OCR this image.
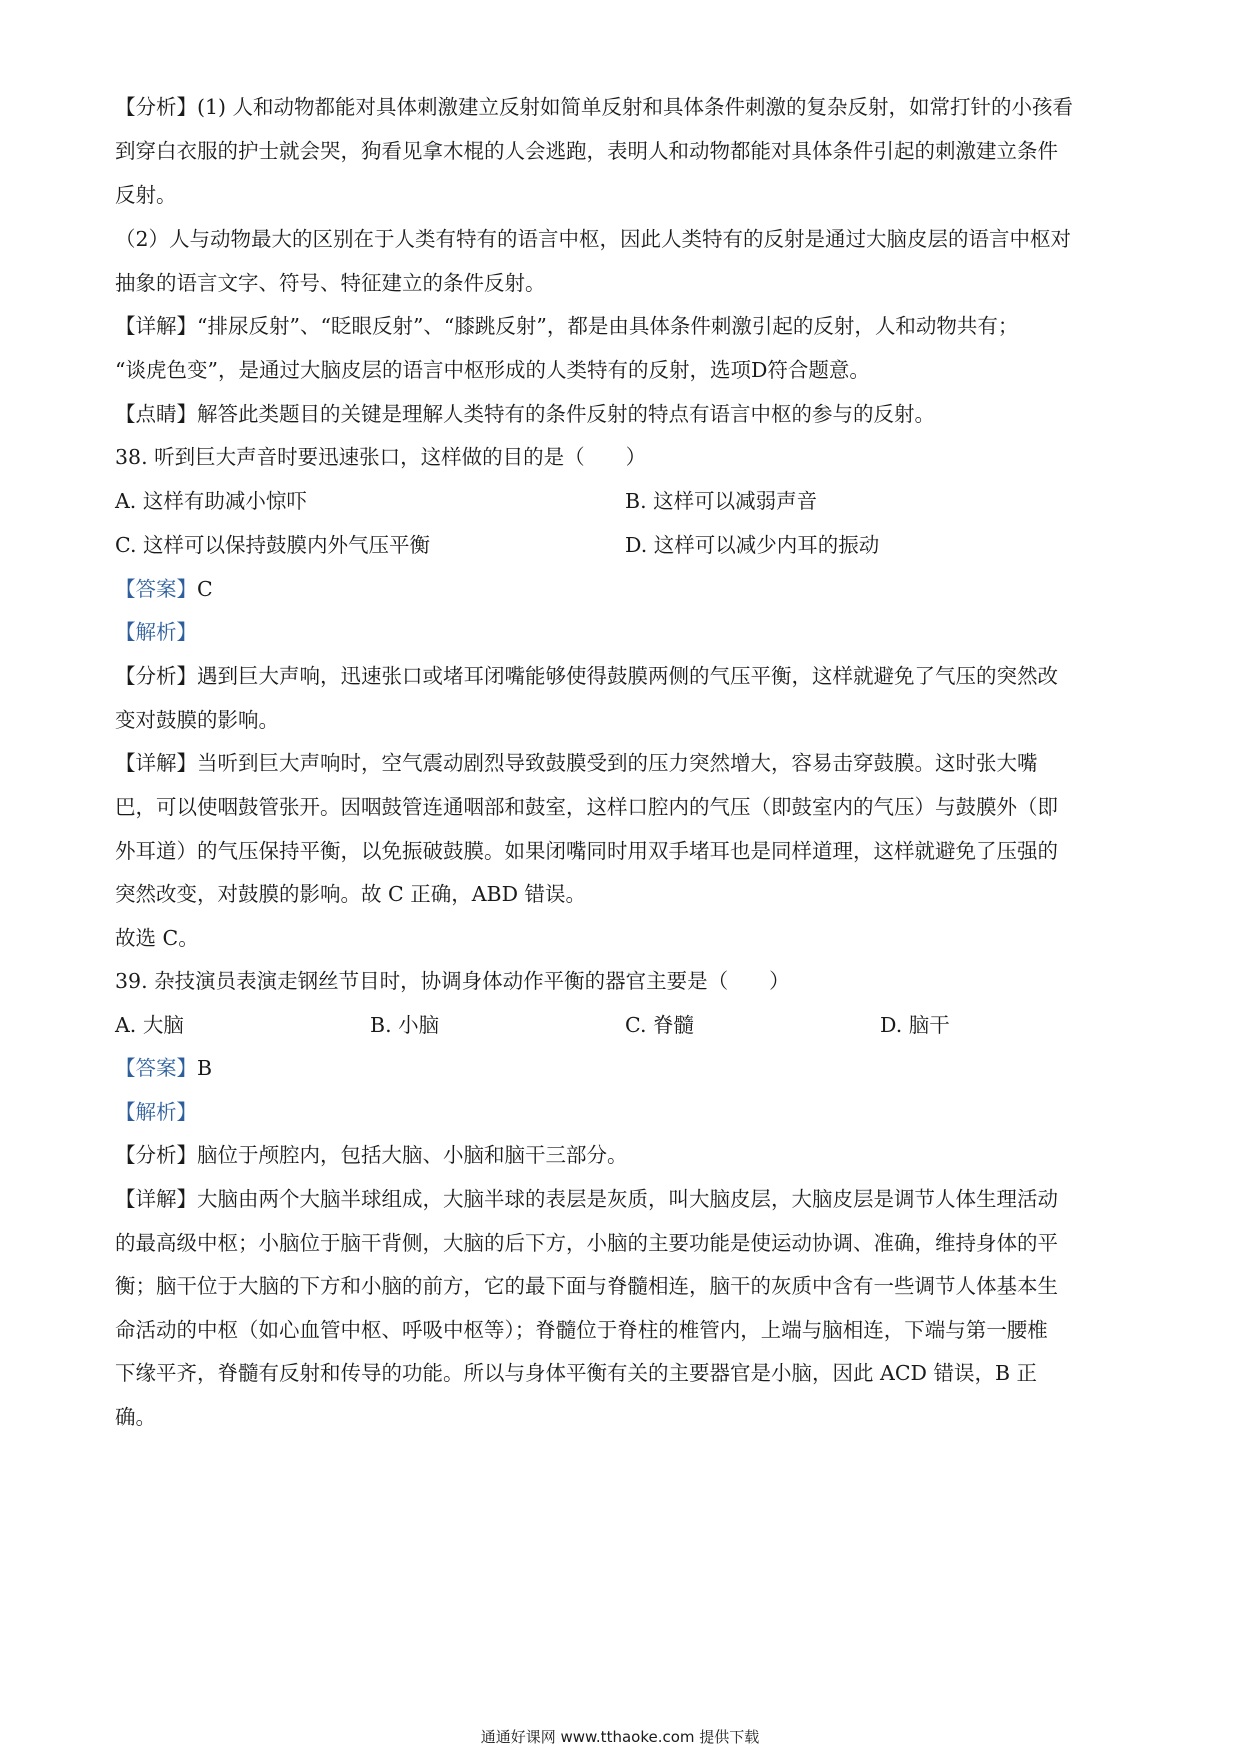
【分析】(1) 人和动物都能对具体刺激建立反射如简单反射和具体条件刺激的复杂反射，如常打针的小孩看
到穿白衣服的护士就会哭，狗看见拿木棍的人会逃跑，表明人和动物都能对具体条件引起的刺激建立条件
反射。
（2）人与动物最大的区别在于人类有特有的语言中枢，因此人类特有的反射是通过大脑皮层的语言中枢对
抽象的语言文字、符号、特征建立的条件反射。
【详解】“排尿反射”、“眨眼反射”、“膝跳反射”，都是由具体条件刺激引起的反射，人和动物共有；
“谈虎色变”，是通过大脑皮层的语言中枢形成的人类特有的反射，选项D符合题意。
【点睛】解答此类题目的关键是理解人类特有的条件反射的特点有语言中枢的参与的反射。
38. 听到巨大声音时要迅速张口，这样做的目的是（　　）
A. 这样有助减小惊吓	B. 这样可以减弱声音
C. 这样可以保持鼓膜内外气压平衡	D. 这样可以减少内耳的振动
【答案】C
【解析】
【分析】遇到巨大声响，迅速张口或堵耳闭嘴能够使得鼓膜两侧的气压平衡，这样就避免了气压的突然改
变对鼓膜的影响。
【详解】当听到巨大声响时，空气震动剧烈导致鼓膜受到的压力突然增大，容易击穿鼓膜。这时张大嘴
巴，可以使咽鼓管张开。因咽鼓管连通咽部和鼓室，这样口腔内的气压（即鼓室内的气压）与鼓膜外（即
外耳道）的气压保持平衡，以免振破鼓膜。如果闭嘴同时用双手堵耳也是同样道理，这样就避免了压强的
突然改变，对鼓膜的影响。故 C 正确，ABD 错误。
故选 C。
39. 杂技演员表演走钢丝节目时，协调身体动作平衡的器官主要是（　　）
A. 大脑	B. 小脑	C. 脊髓	D. 脑干
【答案】B
【解析】
【分析】脑位于颅腔内，包括大脑、小脑和脑干三部分。
【详解】大脑由两个大脑半球组成，大脑半球的表层是灰质，叫大脑皮层，大脑皮层是调节人体生理活动
的最高级中枢；小脑位于脑干背侧，大脑的后下方，小脑的主要功能是使运动协调、准确，维持身体的平
衡；脑干位于大脑的下方和小脑的前方，它的最下面与脊髓相连，脑干的灰质中含有一些调节人体基本生
命活动的中枢（如心血管中枢、呼吸中枢等）；脊髓位于脊柱的椎管内，上端与脑相连，下端与第一腰椎
下缘平齐，脊髓有反射和传导的功能。所以与身体平衡有关的主要器官是小脑，因此 ACD 错误，B 正
确。
通通好课网 www.tthaoke.com 提供下载
